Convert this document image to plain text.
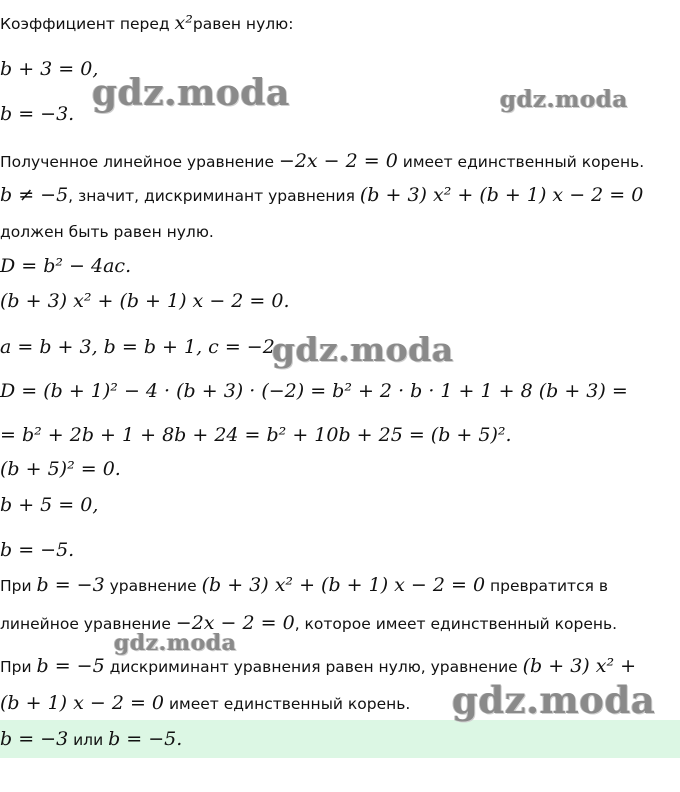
Коэффициент перед x²равен нулю:
b + 3 = 0,
b = −3.
Полученное линейное уравнение −2x − 2 = 0 имеет единственный корень.
b ≠ −5, значит, дискриминант уравнения (b + 3) x² + (b + 1) x − 2 = 0
должен быть равен нулю.
D = b² − 4ac.
(b + 3) x² + (b + 1) x − 2 = 0.
a = b + 3, b = b + 1, c = −2.
D = (b + 1)² − 4 · (b + 3) · (−2) = b² + 2 · b · 1 + 1 + 8 (b + 3) =
= b² + 2b + 1 + 8b + 24 = b² + 10b + 25 = (b + 5)².
(b + 5)² = 0.
b + 5 = 0,
b = −5.
При b = −3 уравнение (b + 3) x² + (b + 1) x − 2 = 0 превратится в
линейное уравнение −2x − 2 = 0, которое имеет единственный корень.
При b = −5 дискриминант уравнения равен нулю, уравнение (b + 3) x² +
(b + 1) x − 2 = 0 имеет единственный корень.
b = −3 или b = −5.
gdz.moda	gdz.moda
gdz.moda
gdz.moda
gdz.moda
